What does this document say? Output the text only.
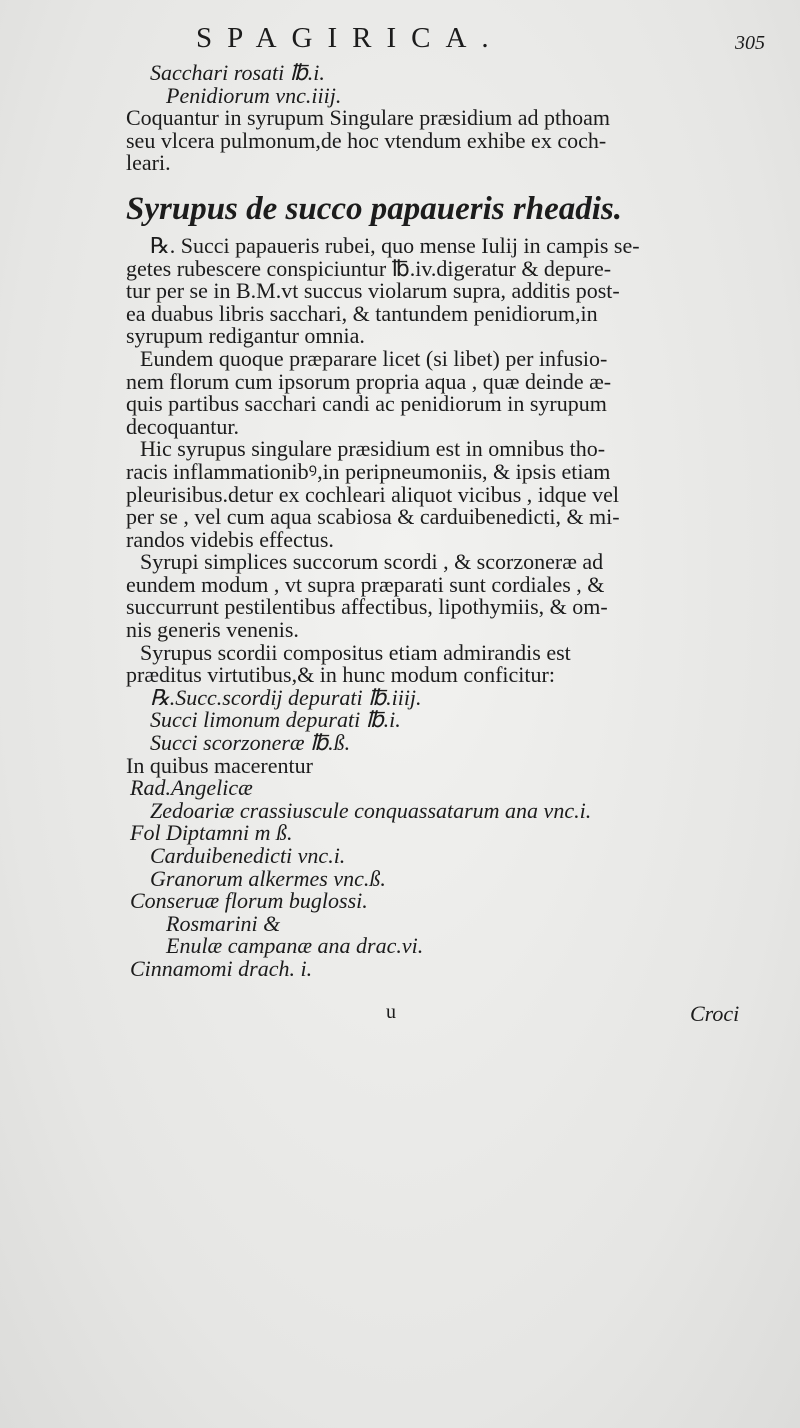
SPAGIRICA.	305
Sacchari rosati ℔.i.
Penidiorum vnc.iiij.
Coquantur in syrupum Singulare præsidium ad pthoam
seu vlcera pulmonum,de hoc vtendum exhibe ex coch-
leari.
Syrupus de succo papaueris rheadis.
℞. Succi papaueris rubei, quo mense Iulij in campis se-
getes rubescere conspiciuntur ℔.iv.digeratur & depure-
tur per se in B.M.vt succus violarum supra, additis post-
ea duabus libris sacchari, & tantundem penidiorum,in
syrupum redigantur omnia.
Eundem quoque præparare licet (si libet) per infusio-
nem florum cum ipsorum propria aqua , quæ deinde æ-
quis partibus sacchari candi ac penidiorum in syrupum
decoquantur.
Hic syrupus singulare præsidium est in omnibus tho-
racis inflammationibꝰ,in peripneumoniis, & ipsis etiam
pleurisibus.detur ex cochleari aliquot vicibus , idque vel
per se , vel cum aqua scabiosa & carduibenedicti, & mi-
randos videbis effectus.
Syrupi simplices succorum scordi , & scorzoneræ ad
eundem modum , vt supra præparati sunt cordiales , &
succurrunt pestilentibus affectibus, lipothymiis, & om-
nis generis venenis.
Syrupus scordii compositus etiam admirandis est
præditus virtutibus,& in hunc modum conficitur:
℞.Succ.scordij depurati ℔.iiij.
Succi limonum depurati ℔.i.
Succi scorzoneræ ℔.ß.
In quibus macerentur
Rad.Angelicæ
Zedoariæ crassiuscule conquassatarum ana vnc.i.
Fol Diptamni m ß.
Carduibenedicti vnc.i.
Granorum alkermes vnc.ß.
Conseruæ florum buglossi.
Rosmarini &
Enulæ campanæ ana drac.vi.
Cinnamomi drach. i.
u	Croci
